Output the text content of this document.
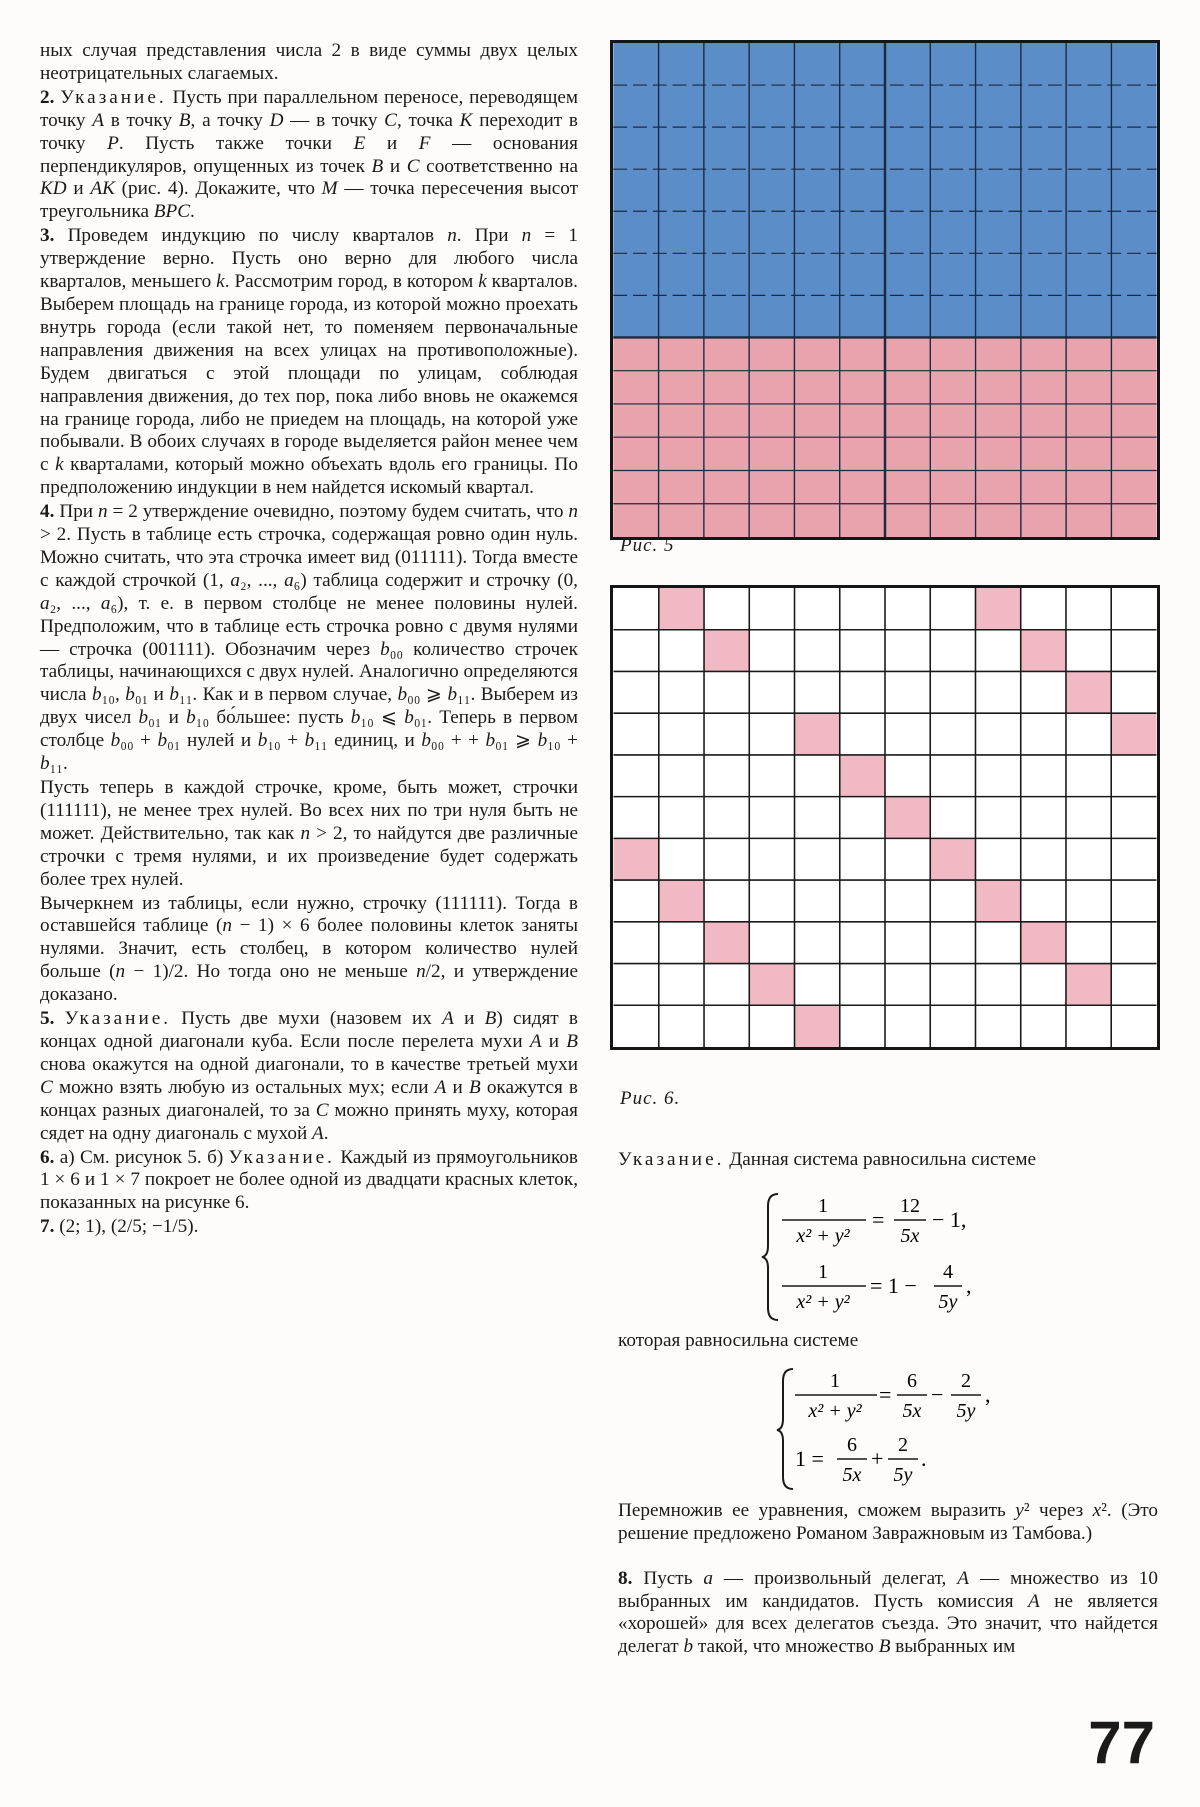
ных случая представления числа 2 в виде суммы двух целых неотрицательных слагаемых.

2. Указание. Пусть при параллельном переносе, переводящем точку A в точку B, а точку D — в точку C, точка K переходит в точку P. Пусть также точки E и F — основания перпендикуляров, опущенных из точек B и C соответственно на KD и AK (рис. 4). Докажите, что M — точка пересечения высот треугольника BPC.

3. Проведем индукцию по числу кварталов n. При n = 1 утверждение верно. Пусть оно верно для любого числа кварталов, меньшего k. Рассмотрим город, в котором k кварталов. Выберем площадь на границе города, из которой можно проехать внутрь города (если такой нет, то поменяем первоначальные направления движения на всех улицах на противоположные). Будем двигаться с этой площади по улицам, соблюдая направления движения, до тех пор, пока либо вновь не окажемся на границе города, либо не приедем на площадь, на которой уже побывали. В обоих случаях в городе выделяется район менее чем с k кварталами, который можно объехать вдоль его границы. По предположению индукции в нем найдется искомый квартал.

4. При n = 2 утверждение очевидно, поэтому будем считать, что n > 2. Пусть в таблице есть строчка, содержащая ровно один нуль. Можно считать, что эта строчка имеет вид (011111). Тогда вместе с каждой строчкой (1, a₂, ..., a₆) таблица содержит и строчку (0, a₂, ..., a₆), т. е. в первом столбце не менее половины нулей. Предположим, что в таблице есть строчка ровно с двумя нулями — строчка (001111). Обозначим через b₀₀ количество строчек таблицы, начинающихся с двух нулей. Аналогично определяются числа b₁₀, b₀₁ и b₁₁. Как и в первом случае, b₀₀ ⩾ b₁₁. Выберем из двух чисел b₀₁ и b₁₀ бо́льшее: пусть b₁₀ ⩽ b₀₁. Теперь в первом столбце b₀₀ + b₀₁ нулей и b₁₀ + b₁₁ единиц, и b₀₀ + + b₀₁ ⩾ b₁₀ + b₁₁.

Пусть теперь в каждой строчке, кроме, быть может, строчки (111111), не менее трех нулей. Во всех них по три нуля быть не может. Действительно, так как n > 2, то найдутся две различные строчки с тремя нулями, и их произведение будет содержать более трех нулей.

Вычеркнем из таблицы, если нужно, строчку (111111). Тогда в оставшейся таблице (n − 1) × 6 более половины клеток заняты нулями. Значит, есть столбец, в котором количество нулей больше (n − 1)/2. Но тогда оно не меньше n/2, и утверждение доказано.

5. Указание. Пусть две мухи (назовем их A и B) сидят в концах одной диагонали куба. Если после перелета мухи A и B снова окажутся на одной диагонали, то в качестве третьей мухи C можно взять любую из остальных мух; если A и B окажутся в концах разных диагоналей, то за C можно принять муху, которая сядет на одну диагональ с мухой A.

6. а) См. рисунок 5. б) Указание. Каждый из прямоугольников 1 × 6 и 1 × 7 покроет не более одной из двадцати красных клеток, показанных на рисунке 6.

7. (2; 1), (2/5; −1/5).

Рис. 5
Рис. 6.
Указание. Данная система равносильна системе
1
x² + y²
=
12
5x
− 1,
1
x² + y²
= 1 −
4
5y
,
которая равносильна системе
1
x² + y²
=
6
5x
−
2
5y
,
1 =
6
5x
+
2
5y
.
Перемножив ее уравнения, сможем выразить y² через x². (Это решение предложено Романом Завражновым из Тамбова.)
8. Пусть a — произвольный делегат, A — множество из 10 выбранных им кандидатов. Пусть комиссия A не является «хорошей» для всех делегатов съезда. Это значит, что найдется делегат b такой, что множество B выбранных им
77
